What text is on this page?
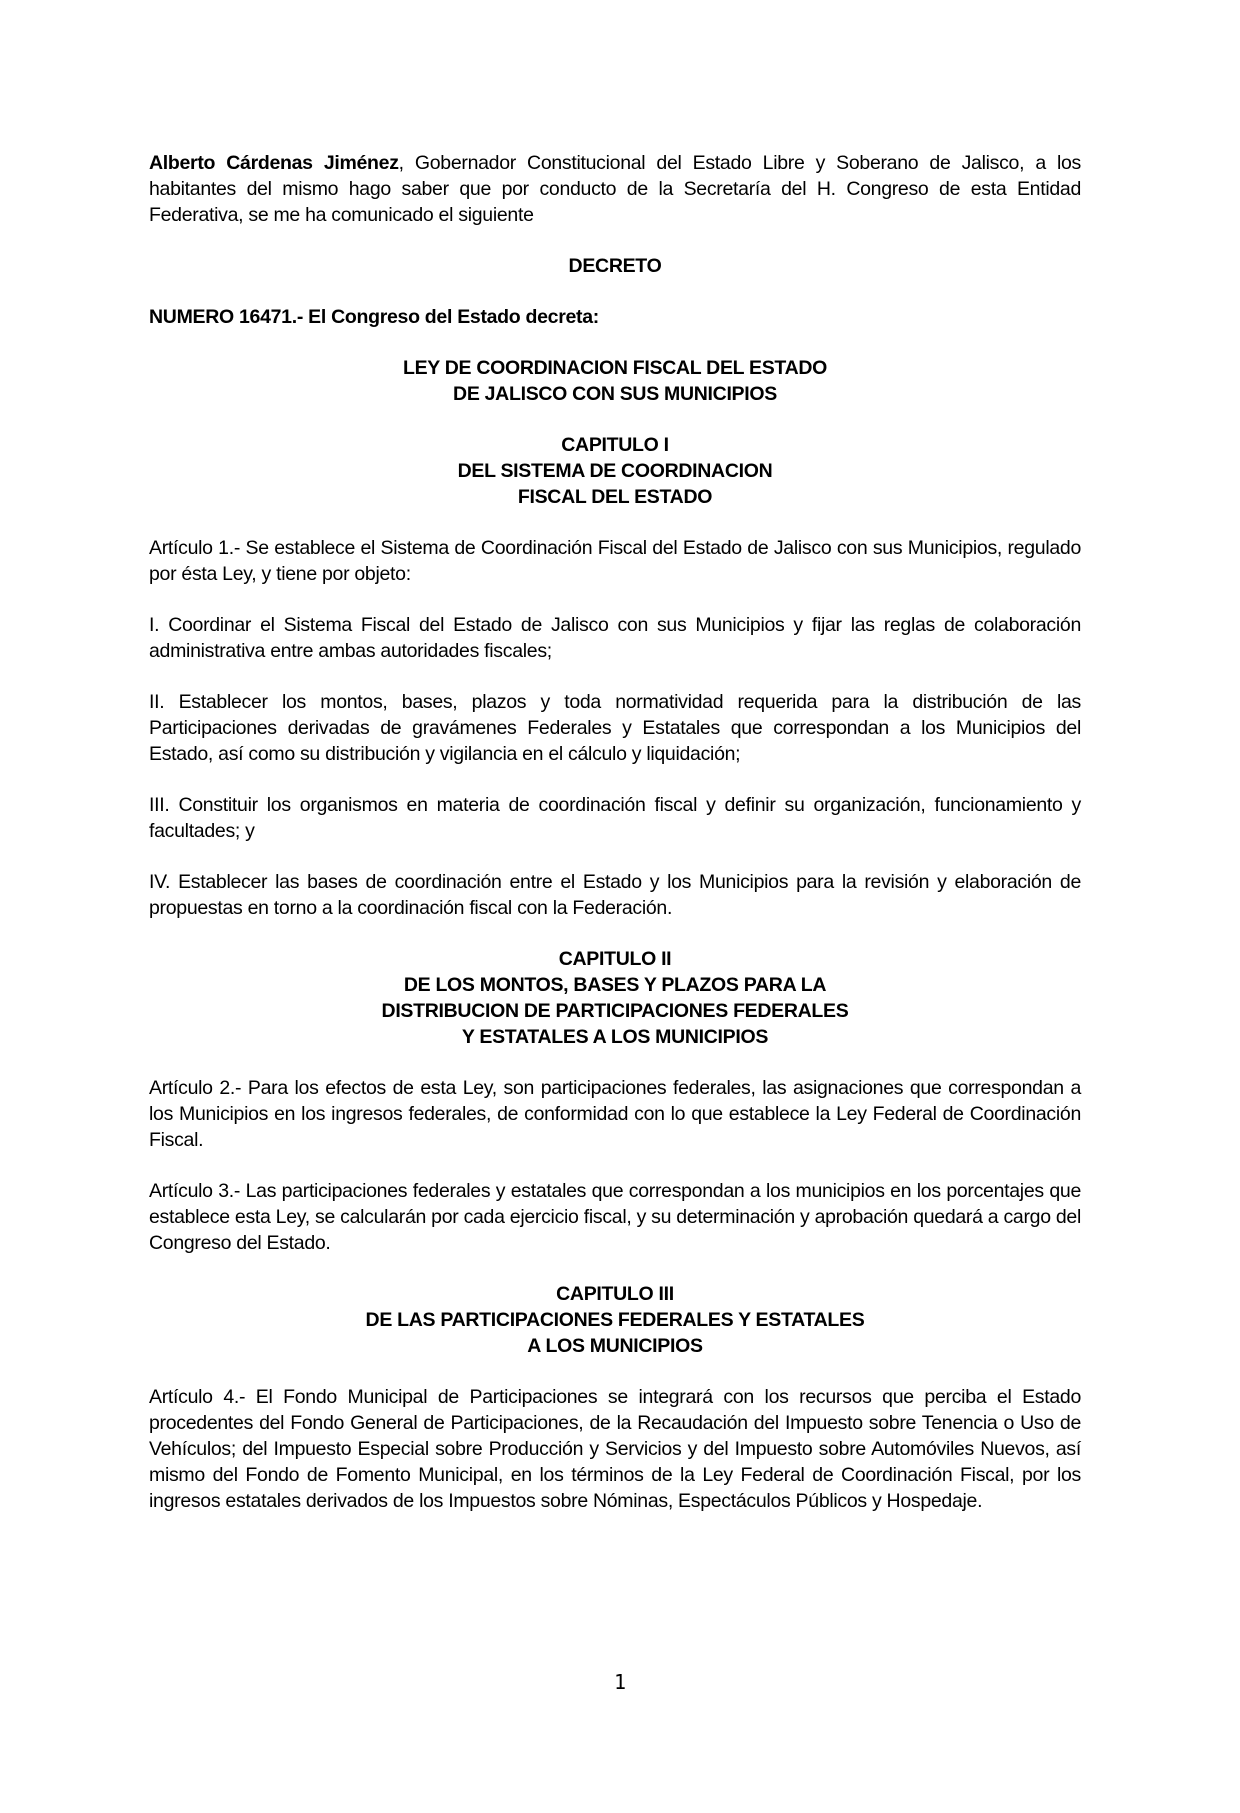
Alberto Cárdenas Jiménez, Gobernador Constitucional del Estado Libre y Soberano de Jalisco, a los habitantes del mismo hago saber que por conducto de la Secretaría del H. Congreso de esta Entidad Federativa, se me ha comunicado el siguiente

DECRETO
NUMERO 16471.- El Congreso del Estado decreta:
LEY DE COORDINACION FISCAL DEL ESTADO
DE JALISCO CON SUS MUNICIPIOS
CAPITULO I
DEL SISTEMA DE COORDINACION
FISCAL DEL ESTADO

Artículo 1.- Se establece el Sistema de Coordinación Fiscal del Estado de Jalisco con sus Municipios, regulado por ésta Ley, y tiene por objeto:

I. Coordinar el Sistema Fiscal del Estado de Jalisco con sus Municipios y fijar las reglas de colaboración administrativa entre ambas autoridades fiscales;

II. Establecer los montos, bases, plazos y toda normatividad requerida para la distribución de las Participaciones derivadas de gravámenes Federales y Estatales que correspondan a los Municipios del Estado, así como su distribución y vigilancia en el cálculo y liquidación;

III. Constituir los organismos en materia de coordinación fiscal y definir su organización, funcionamiento y facultades; y

IV. Establecer las bases de coordinación entre el Estado y los Municipios para la revisión y elaboración de propuestas en torno a la coordinación fiscal con la Federación.

CAPITULO II
DE LOS MONTOS, BASES Y PLAZOS PARA LA
DISTRIBUCION DE PARTICIPACIONES FEDERALES
Y ESTATALES A LOS MUNICIPIOS

Artículo 2.- Para los efectos de esta Ley, son participaciones federales, las asignaciones que correspondan a los Municipios en los ingresos federales, de conformidad con lo que establece la Ley Federal de Coordinación Fiscal.

Artículo 3.- Las participaciones federales y estatales que correspondan a los municipios en los porcentajes que establece esta Ley, se calcularán por cada ejercicio fiscal, y su determinación y aprobación quedará a cargo del Congreso del Estado.

CAPITULO III
DE LAS PARTICIPACIONES FEDERALES Y ESTATALES
A LOS MUNICIPIOS

Artículo 4.- El Fondo Municipal de Participaciones se integrará con los recursos que perciba el Estado procedentes del Fondo General de Participaciones, de la Recaudación del Impuesto sobre Tenencia o Uso de Vehículos; del Impuesto Especial sobre Producción y Servicios y del Impuesto sobre Automóviles Nuevos, así mismo del Fondo de Fomento Municipal, en los términos de la Ley Federal de Coordinación Fiscal, por los ingresos estatales derivados de los Impuestos sobre Nóminas, Espectáculos Públicos y Hospedaje.

1
